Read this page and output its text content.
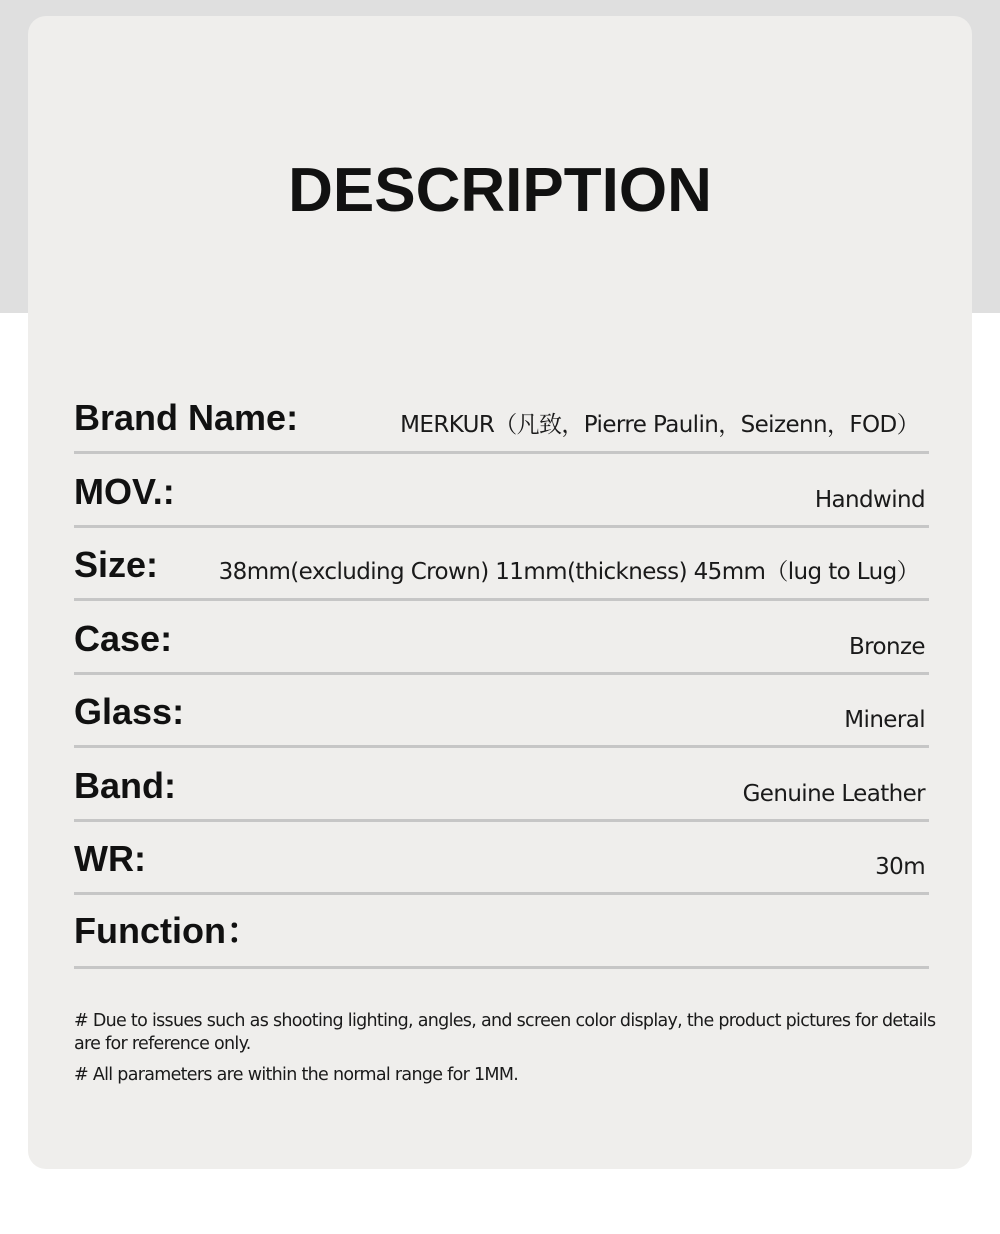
DESCRIPTION
Brand Name:	MERKUR（凡致，Pierre Paulin，Seizenn，FOD）
MOV.:	Handwind
Size:	38mm(excluding Crown) 11mm(thickness) 45mm（lug to Lug）
Case:	Bronze
Glass:	Mineral
Band:	Genuine Leather
WR:	30m
Function：

# Due to issues such as shooting lighting, angles, and screen color display, the product pictures for details are for reference only.

# All parameters are within the normal range for 1MM.
